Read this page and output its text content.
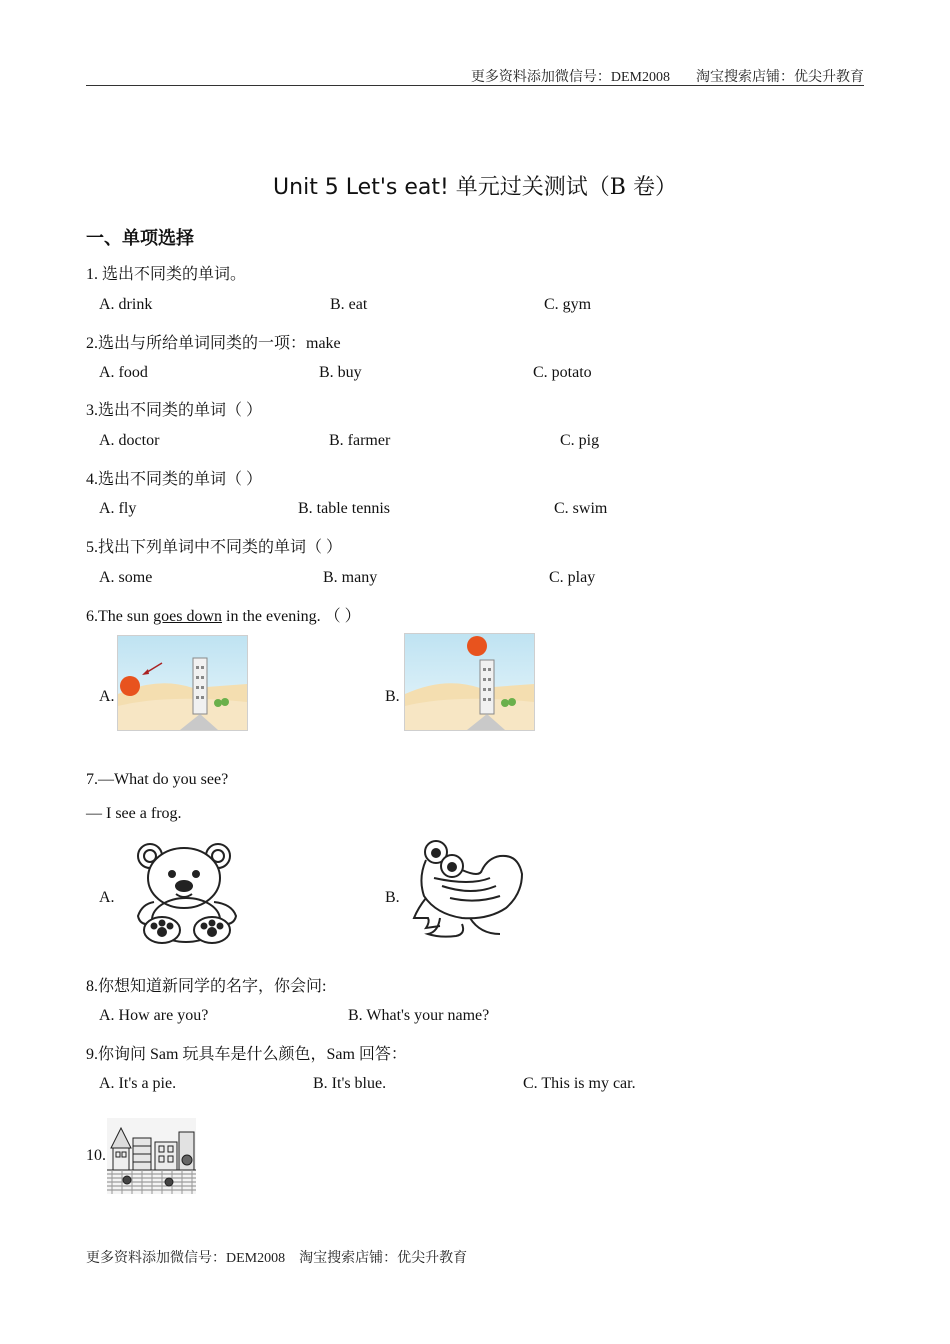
更多资料添加微信号：DEM2008 淘宝搜索店铺：优尖升教育
Unit 5 Let's eat! 单元过关测试（B 卷）
一、单项选择
1. 选出不同类的单词。
A. drink	B. eat	C. gym
2.选出与所给单词同类的一项：make
A. food	B. buy	C. potato
3.选出不同类的单词（ ）
A. doctor	B. farmer	C. pig
4.选出不同类的单词（ ）
A. fly	B. table tennis	C. swim
5.找出下列单词中不同类的单词（ ）
A. some	B. many	C. play
6.The sun goes down in the evening. （ ）
A.	B.
7.—What do you see?
— I see a frog.
A.	B.
8.你想知道新同学的名字，你会问:
A. How are you?	B. What's your name?
9.你询问 Sam 玩具车是什么颜色，Sam 回答：
A. It's a pie.	B. It's blue.	C. This is my car.
10.
更多资料添加微信号：DEM2008 淘宝搜索店铺：优尖升教育
